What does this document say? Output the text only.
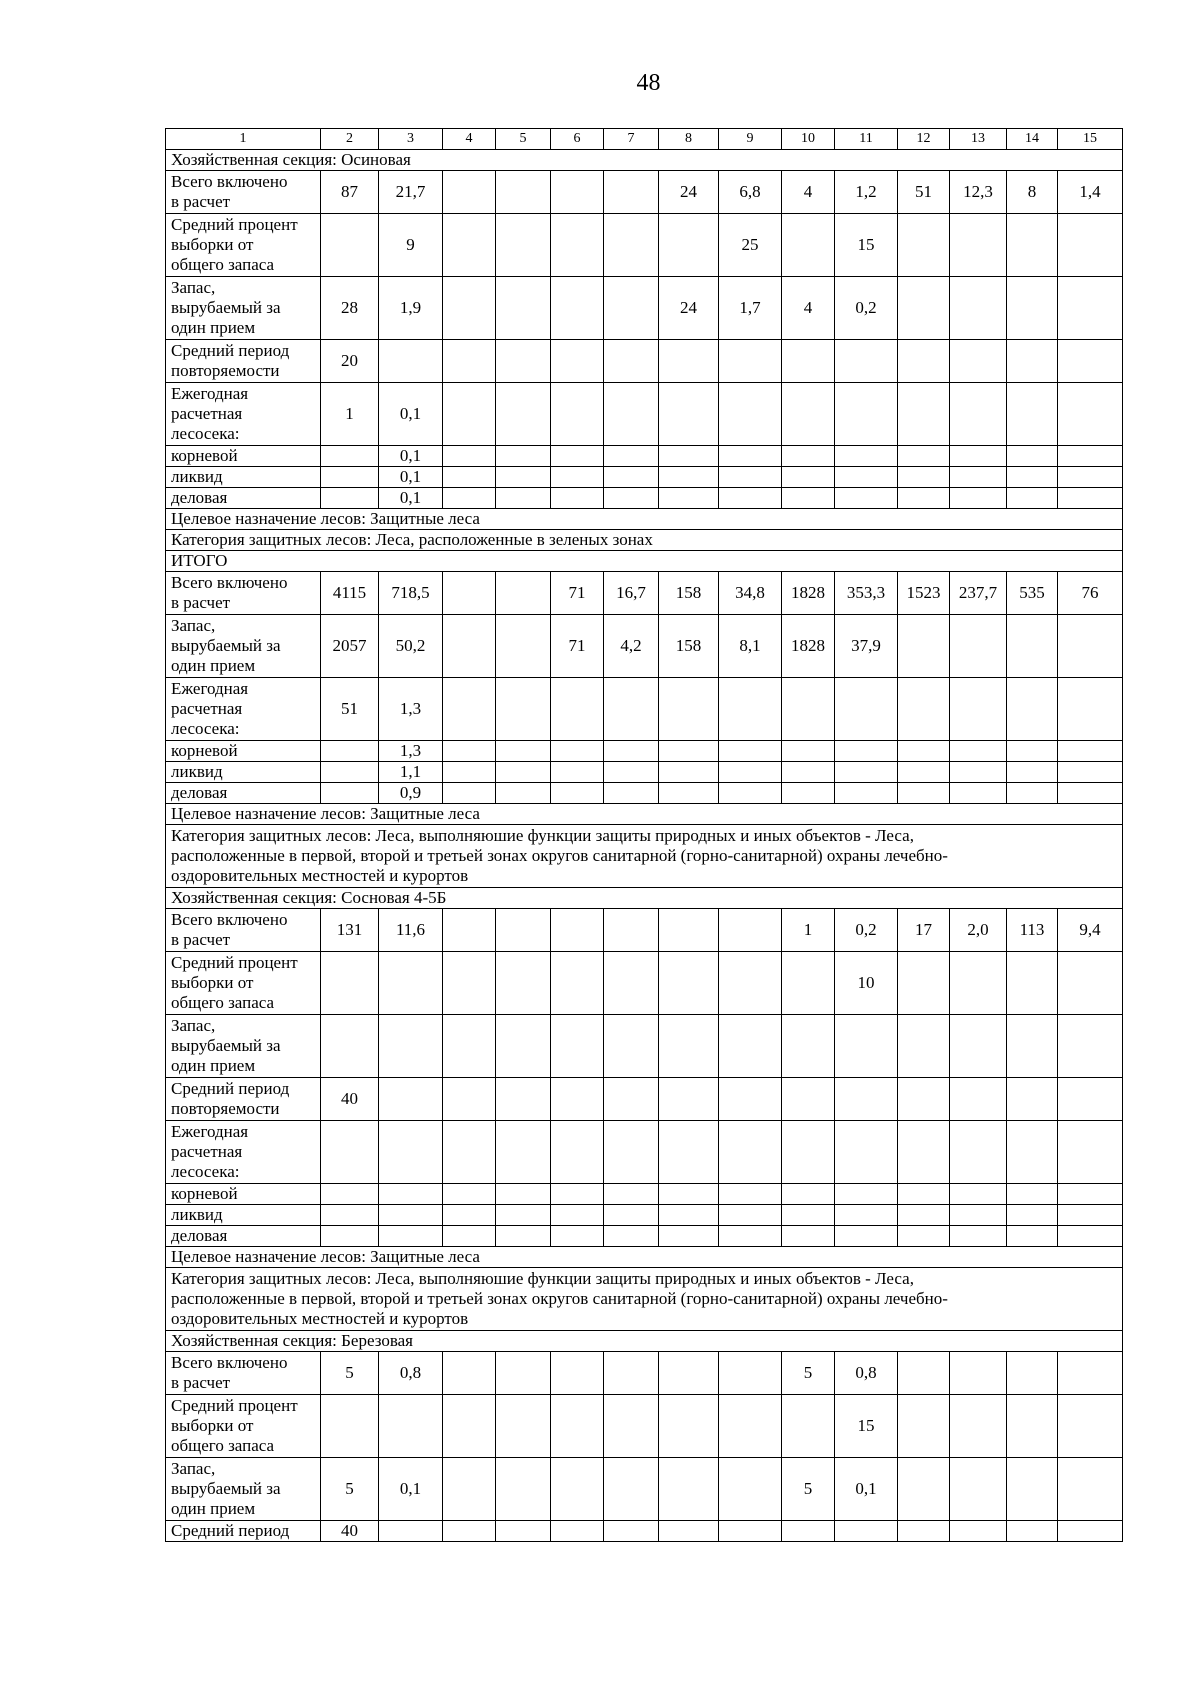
48
1	2	3	4	5	6	7	8	9	10	11	12	13	14	15

Хозяйственная секция: Осиновая														

Всего включено
в расчет	87	21,7					24	6,8	4	1,2	51	12,3	8	1,4

Средний процент
выборки от
общего запаса		9						25		15				

Запас,
вырубаемый за
один прием	28	1,9					24	1,7	4	0,2				

Средний период
повторяемости	20													

Ежегодная
расчетная
лесосека:	1	0,1												

корневой		0,1												

ликвид		0,1												

деловая		0,1												

Целевое назначение лесов: Защитные леса														

Категория защитных лесов: Леса, расположенные в зеленых зонах														

ИТОГО														

Всего включено
в расчет	4115	718,5			71	16,7	158	34,8	1828	353,3	1523	237,7	535	76

Запас,
вырубаемый за
один прием	2057	50,2			71	4,2	158	8,1	1828	37,9				

Ежегодная
расчетная
лесосека:	51	1,3												

корневой		1,3												

ликвид		1,1												

деловая		0,9												

Целевое назначение лесов: Защитные леса														

Категория защитных лесов: Леса, выполняюшие функции защиты природных и иных объектов - Леса,
расположенные в первой, второй и третьей зонах округов санитарной (горно-санитарной) охраны лечебно-
оздоровительных местностей и курортов														

Хозяйственная секция: Сосновая 4-5Б														

Всего включено
в расчет	131	11,6							1	0,2	17	2,0	113	9,4

Средний процент
выборки от
общего запаса										10				

Запас,
вырубаемый за
один прием														

Средний период
повторяемости	40													

Ежегодная
расчетная
лесосека:														

корневой														

ликвид														

деловая														

Целевое назначение лесов: Защитные леса														

Категория защитных лесов: Леса, выполняюшие функции защиты природных и иных объектов - Леса,
расположенные в первой, второй и третьей зонах округов санитарной (горно-санитарной) охраны лечебно-
оздоровительных местностей и курортов														

Хозяйственная секция: Березовая														

Всего включено
в расчет	5	0,8							5	0,8				

Средний процент
выборки от
общего запаса										15				

Запас,
вырубаемый за
один прием	5	0,1							5	0,1				

Средний период	40													
